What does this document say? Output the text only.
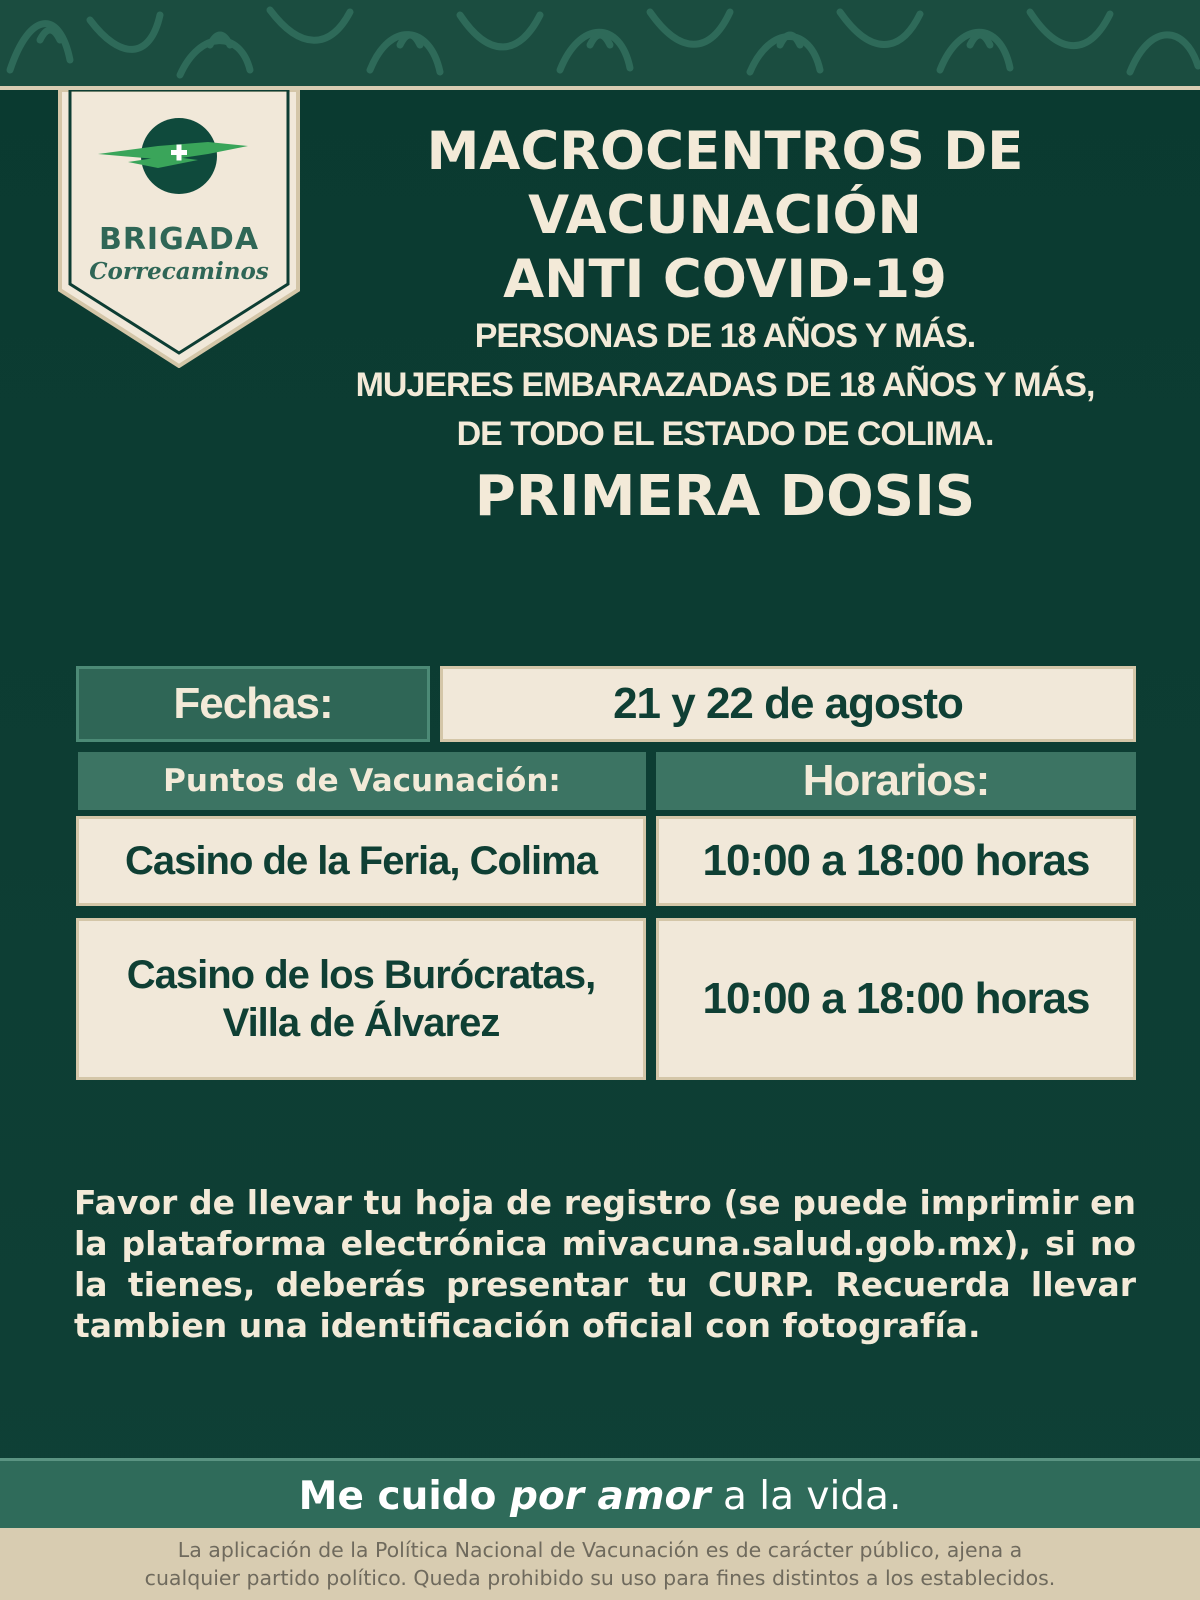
BRIGADA
Correcaminos
MACROCENTROS DE
VACUNACIÓN
ANTI COVID-19
PERSONAS DE 18 AÑOS Y MÁS.
MUJERES EMBARAZADAS DE 18 AÑOS Y MÁS,
DE TODO EL ESTADO DE COLIMA.
PRIMERA DOSIS
Fechas:	21 y 22 de agosto
Puntos de Vacunación:	Horarios:
Casino de la Feria, Colima	10:00 a 18:00 horas
Casino de los Burócratas,
Villa de Álvarez	10:00 a 18:00 horas
Favor de llevar tu hoja de registro (se puede imprimir en la plataforma electrónica mivacuna.salud.gob.mx), si no la tienes, deberás presentar tu CURP. Recuerda llevar tambien una identificación oficial con fotografía.
Me cuido por amor a la vida.
La aplicación de la Política Nacional de Vacunación es de carácter público, ajena a
cualquier partido político. Queda prohibido su uso para fines distintos a los establecidos.
